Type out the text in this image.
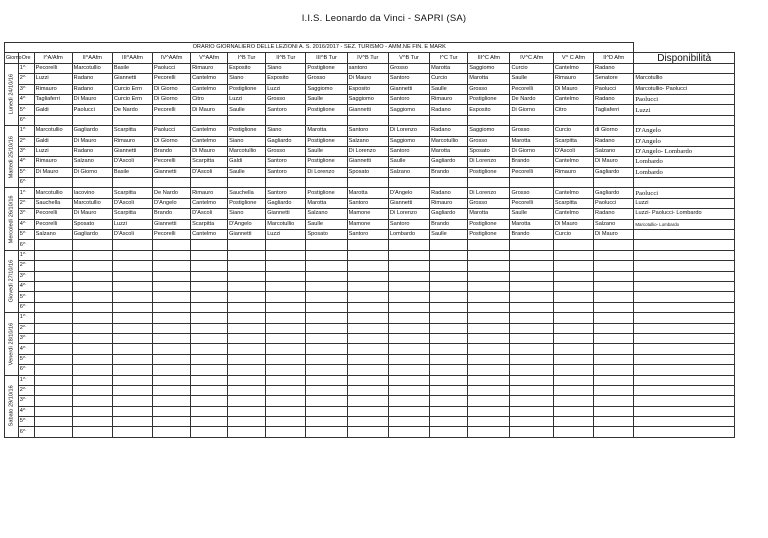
I.I.S. Leonardo da Vinci - SAPRI (SA)
ORARIO GIORNALIERO DELLE LEZIONI A. S. 2016/2017 - SEZ. TURISMO - AMM.NE FIN. E MARK																	
Giorno	Ore	I^A/Afm	II^AAfm	III^AAfm	IV^AAfm	V^AAfm	I^B Tur	II^B Tur	III^B Tur	IV^B Tur	V^B Tur	I^C Tur	III^C Afm	IV^C Afm	V^ C Afm	II^D Afm	Disponibilità
Lunedì 24/10/16	1^	Pecorelli	Marcotullio	Basile	Paolucci	Rimauro	Esposito	Siano	Postiglione	santoro	Grosso	Marotta	Saggiomo	Curcio	Cantelmo	Radano	
	2^	Luzzi	Radano	Giannetti	Pecorelli	Cantelmo	Siano	Esposito	Grosso	Di Mauro	Santoro	Curcio	Marotta	Saulle	Rimauro	Senatore	Marcotullio
	3^	Rimauro	Radano	Curcio Errn	Di Giorno	Cantelmo	Postiglione	Luzzi	Saggiomo	Esposito	Giannetti	Saulle	Grosso	Pecorelli	Di Mauro	Paolucci	Marcotullio- Paolucci
	4^	Tagliaferri	Di Mauro	Curcio Errn	Di Giorno	Citro	Luzzi	Grosso	Saulle	Saggiomo	Santoro	Rimauro	Postiglione	De Nardo	Cantelmo	Radano	Paolucci
	5^	Galdi	Paolucci	De Nardo	Pecorelli	Di Mauro	Saulle	Santoro	Postiglione	Giannetti	Saggiomo	Radano	Esposito	Di Giorno	Citro	Tagliaferri	Luzzi
	6^																
Martedì 25/10/16	1^	Marcotullio	Gagliardo	Scarpitta	Paolucci	Cantelmo	Postiglione	Siano	Marotta	Santoro	Di Lorenzo	Radano	Saggiomo	Grosso	Curcio	di Giorno	D'Angelo
	2^	Galdi	Di Mauro	Rimauro	Di Giorno	Cantelmo	Siano	Gagliardo	Postiglione	Salzano	Saggiomo	Marcotullio	Grosso	Marotta	Scarpitta	Radano	D'Angelo
	3^	Luzzi	Radano	Giannetti	Brando	Di Mauro	Marcotullio	Grosso	Saulle	Di Lorenzo	Santoro	Marotta	Sposato	Di Giorno	D'Ascoli	Salzano	D'Angelo- Lombardo
	4^	Rimauro	Salzano	D'Ascoli	Pecorelli	Scarpitta	Galdi	Santoro	Postiglione	Giannetti	Saulle	Gagliardo	Di Lorenzo	Brando	Cantelmo	Di Mauro	Lombardo
	5^	Di Mauro	Di Giorno	Basile	Giannetti	D'Ascoli	Saulle	Santoro	Di Lorenzo	Sposato	Salzano	Brando	Postiglione	Pecorelli	Rimauro	Gagliardo	Lombardo
	6^																
Mercoledì 26/10/16	1^	Marcotullio	Iacovino	Scarpitta	De Nardo	Rimauro	Sauchella	Santoro	Postiglione	Marotta	D'Angelo	Radano	Di Lorenzo	Grosso	Cantelmo	Gagliardo	Paolucci
	2^	Sauchella	Marcotullio	D'Ascoli	D'Angelo	Cantelmo	Postiglione	Gagliardo	Marotta	Santoro	Giannetti	Rimauro	Grosso	Pecorelli	Scarpitta	Paolucci	Luzzi
	3^	Pecorelli	Di Mauro	Scarpitta	Brando	D'Ascoli	Siano	Giannetti	Salzano	Mamone	Di Lorenzo	Gagliardo	Marotta	Saulle	Cantelmo	Radano	Luzzi- Paolucci- Lombardo
	4^	Pecorelli	Sposato	Luzzi	Giannetti	Scarpitta	D'Angelo	Marcotullio	Saulle	Mamone	Santoro	Brando	Postiglione	Marotta	Di Mauro	Salzano	Marcotullio- Lombardo
	5^	Salzano	Gagliardo	D'Ascoli	Pecorelli	Cantelmo	Giannetti	Luzzi	Sposato	Santoro	Lombardo	Saulle	Postiglione	Brando	Curcio	Di Mauro	
	6^																
Giovedì 27/10/16	1^																
	2^																
	3^																
	4^																
	5^																
	6^																
Venerdì 28/10/16	1^																
	2^																
	3^																
	4^																
	5^																
	6^																
Sabato 29/10/16	1^																
	2^																
	3^																
	4^																
	5^																
	6^																
